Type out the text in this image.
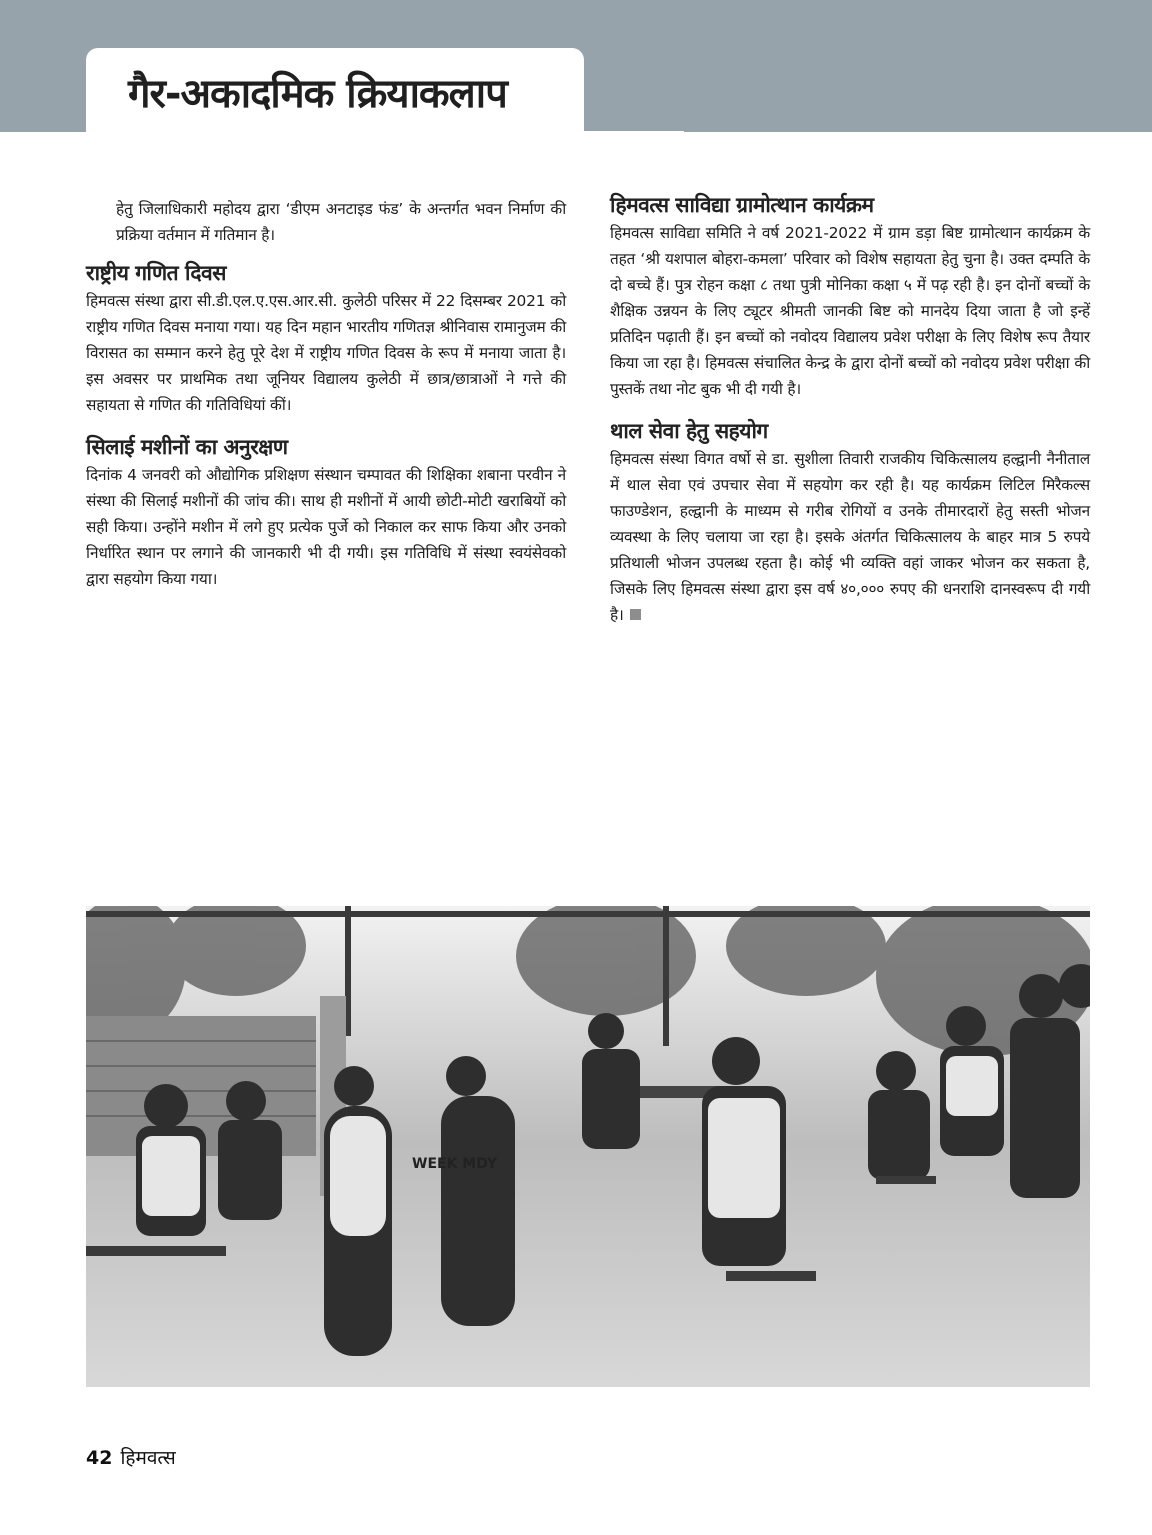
गैर-अकादमिक क्रियाकलाप

हेतु जिलाधिकारी महोदय द्वारा ‘डीएम अनटाइड फंड’ के अन्तर्गत भवन निर्माण की प्रक्रिया वर्तमान में गतिमान है।

राष्ट्रीय गणित दिवस

हिमवत्स संस्था द्वारा सी.डी.एल.ए.एस.आर.सी. कुलेठी परिसर में 22 दिसम्बर 2021 को राष्ट्रीय गणित दिवस मनाया गया। यह दिन महान भारतीय गणितज्ञ श्रीनिवास रामानुजम की विरासत का सम्मान करने हेतु पूरे देश में राष्ट्रीय गणित दिवस के रूप में मनाया जाता है। इस अवसर पर प्राथमिक तथा जूनियर विद्यालय कुलेठी में छात्र/छात्राओं ने गत्ते की सहायता से गणित की गतिविधियां कीं।

सिलाई मशीनों का अनुरक्षण

दिनांक 4 जनवरी को औद्योगिक प्रशिक्षण संस्थान चम्पावत की शिक्षिका शबाना परवीन ने संस्था की सिलाई मशीनों की जांच की। साथ ही मशीनों में आयी छोटी-मोटी खराबियों को सही किया। उन्होंने मशीन में लगे हुए प्रत्येक पुर्जे को निकाल कर साफ किया और उनको निर्धारित स्थान पर लगाने की जानकारी भी दी गयी। इस गतिविधि में संस्था स्वयंसेवको द्वारा सहयोग किया गया।

हिमवत्स साविद्या ग्रामोत्थान कार्यक्रम

हिमवत्स साविद्या समिति ने वर्ष 2021-2022 में ग्राम डड़ा बिष्ट ग्रामोत्थान कार्यक्रम के तहत ‘श्री यशपाल बोहरा-कमला’ परिवार को विशेष सहायता हेतु चुना है। उक्त दम्पति के दो बच्चे हैं। पुत्र रोहन कक्षा ८ तथा पुत्री मोनिका कक्षा ५ में पढ़ रही है। इन दोनों बच्चों के शैक्षिक उन्नयन के लिए ट्यूटर श्रीमती जानकी बिष्ट को मानदेय दिया जाता है जो इन्हें प्रतिदिन पढ़ाती हैं। इन बच्चों को नवोदय विद्यालय प्रवेश परीक्षा के लिए विशेष रूप तैयार किया जा रहा है। हिमवत्स संचालित केन्द्र के द्वारा दोनों बच्चों को नवोदय प्रवेश परीक्षा की पुस्तकें तथा नोट बुक भी दी गयी है।

थाल सेवा हेतु सहयोग

हिमवत्स संस्था विगत वर्षो से डा. सुशीला तिवारी राजकीय चिकित्सालय हल्द्वानी नैनीताल में थाल सेवा एवं उपचार सेवा में सहयोग कर रही है। यह कार्यक्रम लिटिल मिरैकल्स फाउण्डेशन, हल्द्वानी के माध्यम से गरीब रोगियों व उनके तीमारदारों हेतु सस्ती भोजन व्यवस्था के लिए चलाया जा रहा है। इसके अंतर्गत चिकित्सालय के बाहर मात्र 5 रुपये प्रतिथाली भोजन उपलब्ध रहता है। कोई भी व्यक्ति वहां जाकर भोजन कर सकता है, जिसके लिए हिमवत्स संस्था द्वारा इस वर्ष ४०,००० रुपए की धनराशि दानस्वरूप दी गयी है।

WEEK MDY
42 हिमवत्स
